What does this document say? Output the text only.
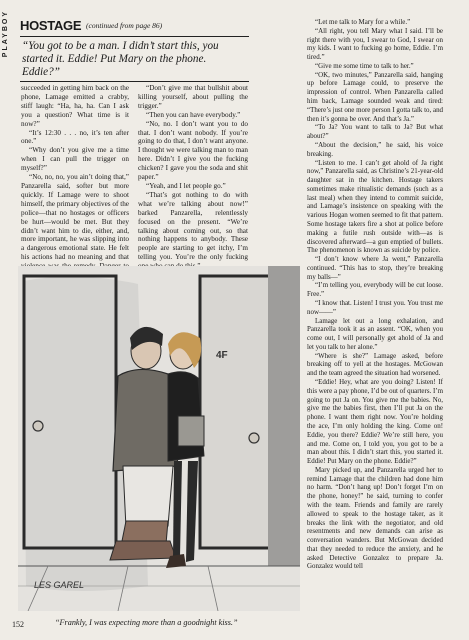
PLAYBOY HOSTAGE (continued from page 86)
“You got to be a man. I didn’t start this, you started it. Eddie! Put Mary on the phone. Eddie?”

succeeded in getting him back on the phone, Lamage emitted a crabby, stiff laugh: “Ha, ha, ha. Can I ask you a question? What time is it now?”

“It’s 12:30 . . . no, it’s ten after one.”

“Why don’t you give me a time when I can pull the trigger on myself?”

“No, no, no, you ain’t doing that,” Panzarella said, softer but more quickly. If Lamage were to shoot himself, the primary objectives of the police—that no hostages or officers be hurt—would be met. But they didn’t want him to die, either, and, more important, he was slipping into a dangerous emotional state. He felt his actions had no meaning and that

“Don’t give me that bullshit about killing yourself, about pulling the trigger.”

“Then you can have everybody.”

“No, no. I don’t want you to do that. I don’t want nobody. If you’re going to do that, I don’t want anyone. I thought we were talking man to man here. Didn’t I give you the fucking chicken? I gave you the soda and shit paper.”

“Yeah, and I let people go.”

“That’s got nothing to do with what we’re talking about now!” barked Panzarella, relentlessly focused on the present. “We’re talking about coming out, so that nothing happens to anybody. These people are starting to get itchy, I’m telling you. You’re the only fucking

“Let me talk to Mary for a while.”

“All right, you tell Mary what I said. I’ll be right there with you, I swear to God, I swear on my kids. I want to fucking go home, Eddie. I’m tired.”

“Give me some time to talk to her.”

“OK, two minutes,” Panzarella said, hanging up before Lamage could, to preserve the impression of control. When Panzarella called him back, Lamage sounded weak and tired: “There’s just one more person I gotta talk to, and then it’s gonna be over. And that’s Ja.”

“To Ja? You want to talk to Ja? But what about?”

“About the decision,” he said, his voice breaking.

“Listen to me. I can’t get ahold of Ja right now,” Panzarella said, as Christine’s 21-year-old daughter sat in the kitchen. Hostage takers sometimes make ritualistic demands (such as a last meal) when they intend to commit suicide, and Lamage’s insistence on speaking with the various Hogan women seemed to fit that pattern. Some hostage takers fire a shot at police before making a futile rush outside with—as is discovered afterward—a gun emptied of bullets. The phenomenon is known as suicide by police.

“I don’t know where Ja went,” Panzarella continued. “This has to stop, they’re breaking my balls—”

“I’m telling you, everybody will be cut loose. Free.”

“I know that. Listen! I trust you. You trust me now——”

Lamage let out a long exhalation, and Panzarella took it as an assent. “OK, when you come out, I will personally get ahold of Ja and let you talk to her alone.”

“Where is she?” Lamage asked, before breaking off to yell at the hostages. McGowan and the team agreed the situation had worsened.

“Eddie! Hey, what are you doing? Listen! If this were a pay phone, I’d be out of quarters. I’m going to put Ja on. You give me the babies. No, give me the babies first, then I’ll put Ja on the phone. I want them right now. You’re holding the ace, I’m only holding the king. Come on! Eddie, you there? Eddie? We’re still here, you and me. Come on, I told you, you got to be a man about this. I didn’t start this, you started it. Eddie! Put Mary on the phone. Eddie?”

Mary picked up, and Panzarella urged her to remind Lamage that the children had done him no harm. “Don’t hang up! Don’t forget I’m on the phone, honey!” he said, turning to confer with the team. Friends and family are rarely allowed to speak to the hostage taker, as it breaks the link with the negotiator, and old resentments and new demands can arise as conversation wanders. But McGowan decided that they needed to reduce the anxiety, and he asked Detective Gonzalez to prepare Ja. Gonzalez would tell

4F
LES GAREL
152	“Frankly, I was expecting more than a goodnight kiss.”
